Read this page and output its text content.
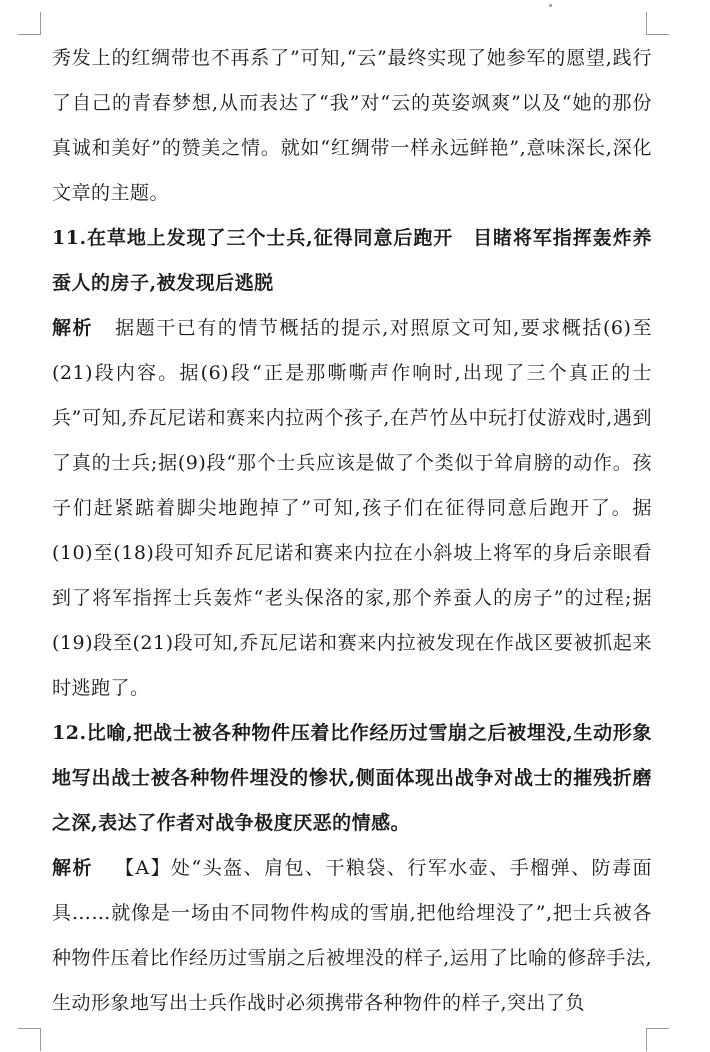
秀发上的红绸带也不再系了”可知,“云”最终实现了她参军的愿望,践行了自己的青春梦想,从而表达了“我”对“云的英姿飒爽”以及“她的那份真诚和美好”的赞美之情。就如“红绸带一样永远鲜艳”,意味深长,深化文章的主题。

11.在草地上发现了三个士兵,征得同意后跑开　目睹将军指挥轰炸养蚕人的房子,被发现后逃脱

解析 据题干已有的情节概括的提示,对照原文可知,要求概括(6)至(21)段内容。据(6)段“正是那嘶嘶声作响时,出现了三个真正的士兵”可知,乔瓦尼诺和赛来内拉两个孩子,在芦竹丛中玩打仗游戏时,遇到了真的士兵;据(9)段“那个士兵应该是做了个类似于耸肩膀的动作。孩子们赶紧踮着脚尖地跑掉了”可知,孩子们在征得同意后跑开了。据(10)至(18)段可知乔瓦尼诺和赛来内拉在小斜坡上将军的身后亲眼看到了将军指挥士兵轰炸“老头保洛的家,那个养蚕人的房子”的过程;据(19)段至(21)段可知,乔瓦尼诺和赛来内拉被发现在作战区要被抓起来时逃跑了。

12.比喻,把战士被各种物件压着比作经历过雪崩之后被埋没,生动形象地写出战士被各种物件埋没的惨状,侧面体现出战争对战士的摧残折磨之深,表达了作者对战争极度厌恶的情感。

解析 【A】处“头盔、肩包、干粮袋、行军水壶、手榴弹、防毒面具……就像是一场由不同物件构成的雪崩,把他给埋没了”,把士兵被各种物件压着比作经历过雪崩之后被埋没的样子,运用了比喻的修辞手法,生动形象地写出士兵作战时必须携带各种物件的样子,突出了负
